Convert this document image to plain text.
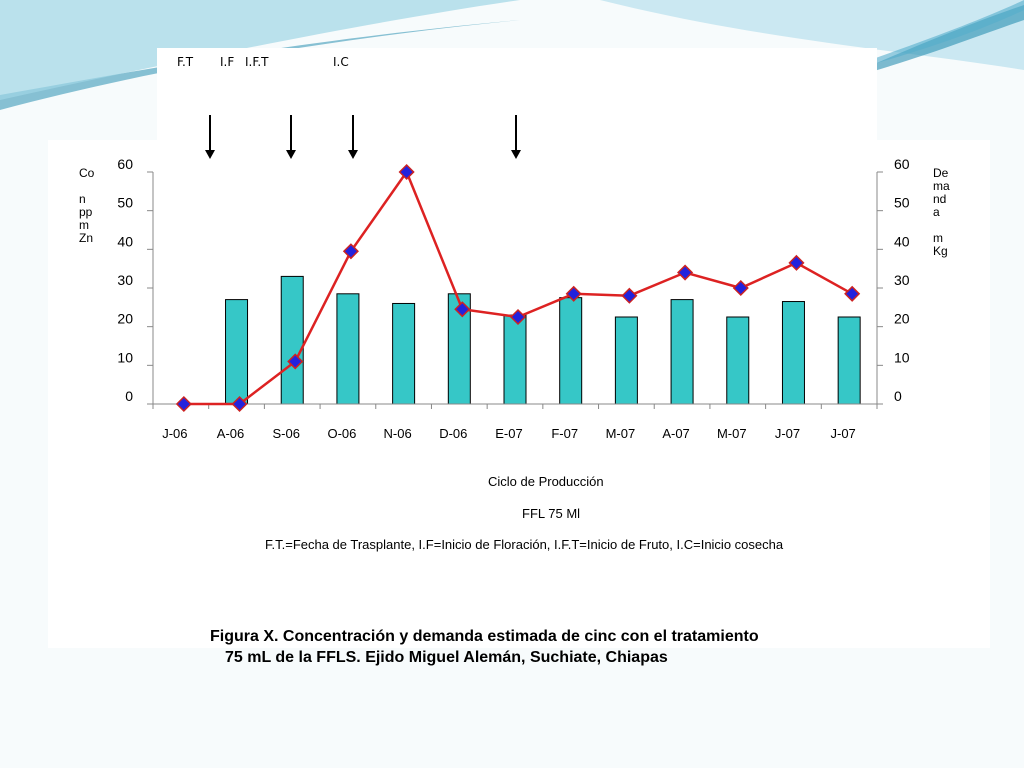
F.T I.F I.F.T	I.C
0
10
20
30
40
50
60
0
10
20
30
40
50
60
J-06 A-06 S-06 O-06 N-06 D-06 E-07 F-07 M-07 A-07 M-07 J-07 J-07
Co

n
pp
m
Zn
De
ma
nd
a

m
Kg
Ciclo de Producción
FFL 75 Ml
F.T.=Fecha de Trasplante, I.F=Inicio de Floración, I.F.T=Inicio de Fruto, I.C=Inicio cosecha
Figura X. Concentración y demanda estimada de cinc con el tratamiento
75 mL de la FFLS. Ejido Miguel Alemán, Suchiate, Chiapas
